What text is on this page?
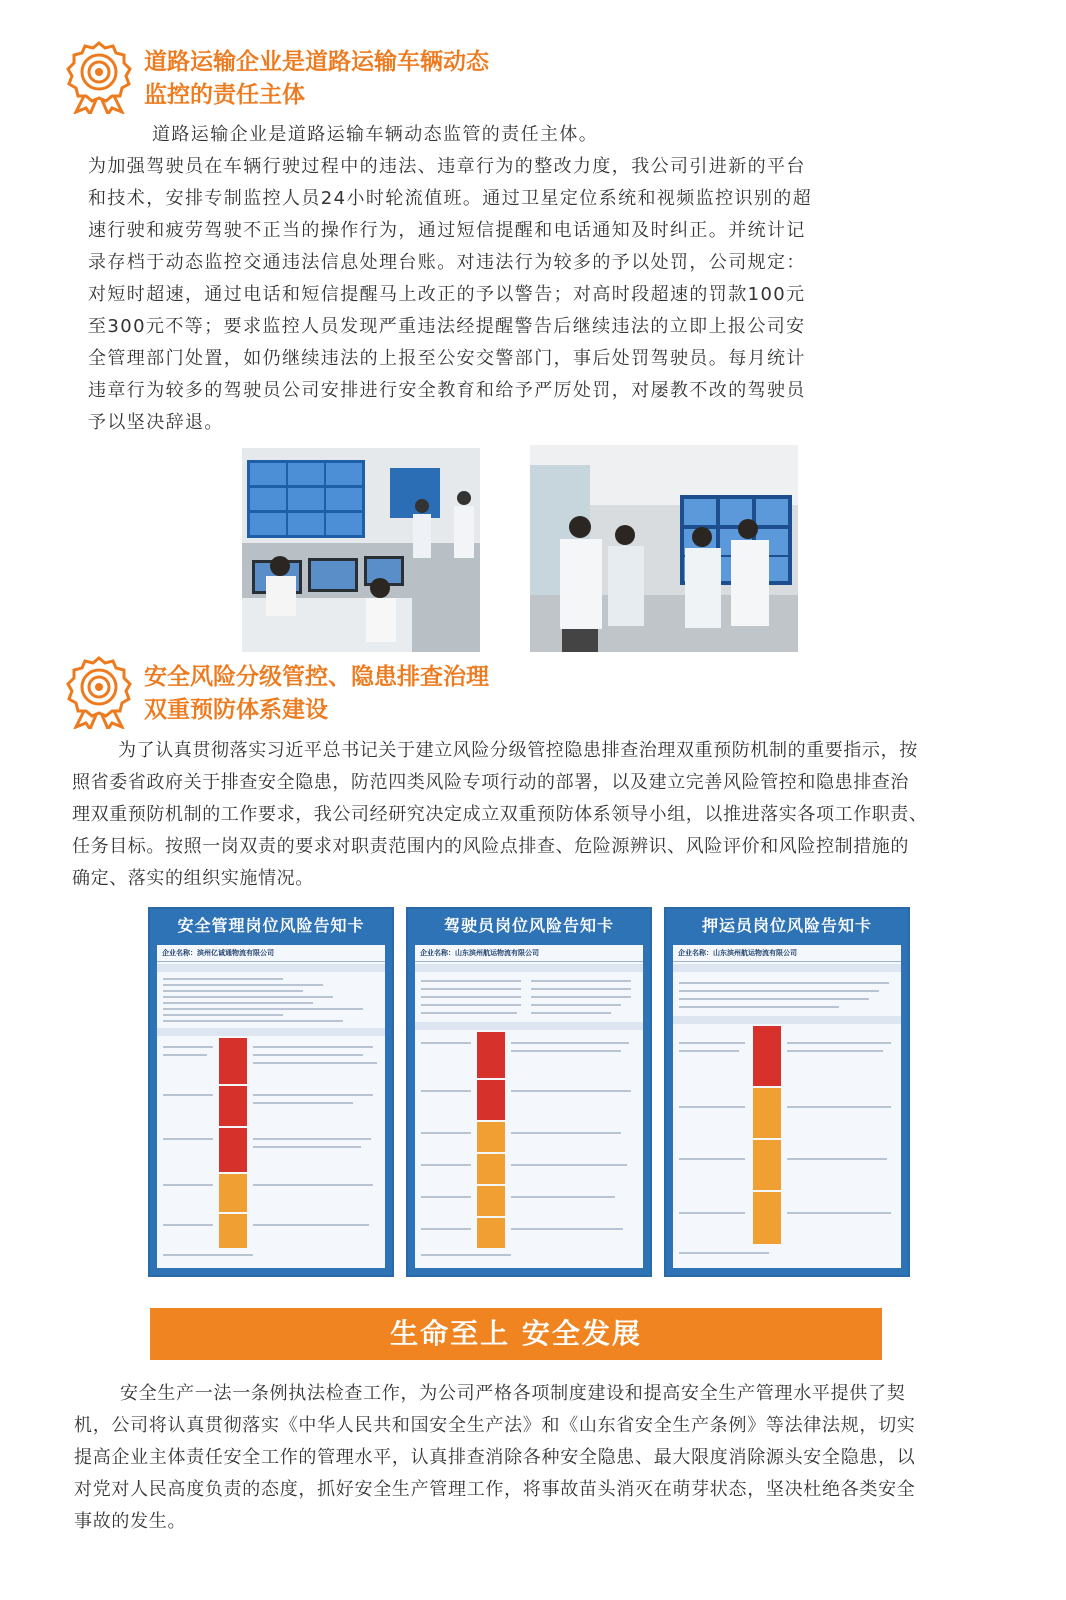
道路运输企业是道路运输车辆动态
监控的责任主体
道路运输企业是道路运输车辆动态监管的责任主体。
为加强驾驶员在车辆行驶过程中的违法、违章行为的整改力度，我公司引进新的平台
和技术，安排专制监控人员24小时轮流值班。通过卫星定位系统和视频监控识别的超
速行驶和疲劳驾驶不正当的操作行为，通过短信提醒和电话通知及时纠正。并统计记
录存档于动态监控交通违法信息处理台账。对违法行为较多的予以处罚，公司规定：
对短时超速，通过电话和短信提醒马上改正的予以警告；对高时段超速的罚款100元
至300元不等；要求监控人员发现严重违法经提醒警告后继续违法的立即上报公司安
全管理部门处置，如仍继续违法的上报至公安交警部门，事后处罚驾驶员。每月统计
违章行为较多的驾驶员公司安排进行安全教育和给予严厉处罚，对屡教不改的驾驶员
予以坚决辞退。
安全风险分级管控、隐患排查治理
双重预防体系建设
为了认真贯彻落实习近平总书记关于建立风险分级管控隐患排查治理双重预防机制的重要指示，按
照省委省政府关于排查安全隐患，防范四类风险专项行动的部署，以及建立完善风险管控和隐患排查治
理双重预防机制的工作要求，我公司经研究决定成立双重预防体系领导小组，以推进落实各项工作职责、
任务目标。按照一岗双责的要求对职责范围内的风险点排查、危险源辨识、风险评价和风险控制措施的
确定、落实的组织实施情况。
安全管理岗位风险告知卡
企业名称：滨州亿诚通物流有限公司
驾驶员岗位风险告知卡
企业名称：山东滨州航运物流有限公司
押运员岗位风险告知卡
企业名称：山东滨州航运物流有限公司
生命至上 安全发展
安全生产一法一条例执法检查工作，为公司严格各项制度建设和提高安全生产管理水平提供了契
机，公司将认真贯彻落实《中华人民共和国安全生产法》和《山东省安全生产条例》等法律法规，切实
提高企业主体责任安全工作的管理水平，认真排查消除各种安全隐患、最大限度消除源头安全隐患，以
对党对人民高度负责的态度，抓好安全生产管理工作，将事故苗头消灭在萌芽状态，坚决杜绝各类安全
事故的发生。
